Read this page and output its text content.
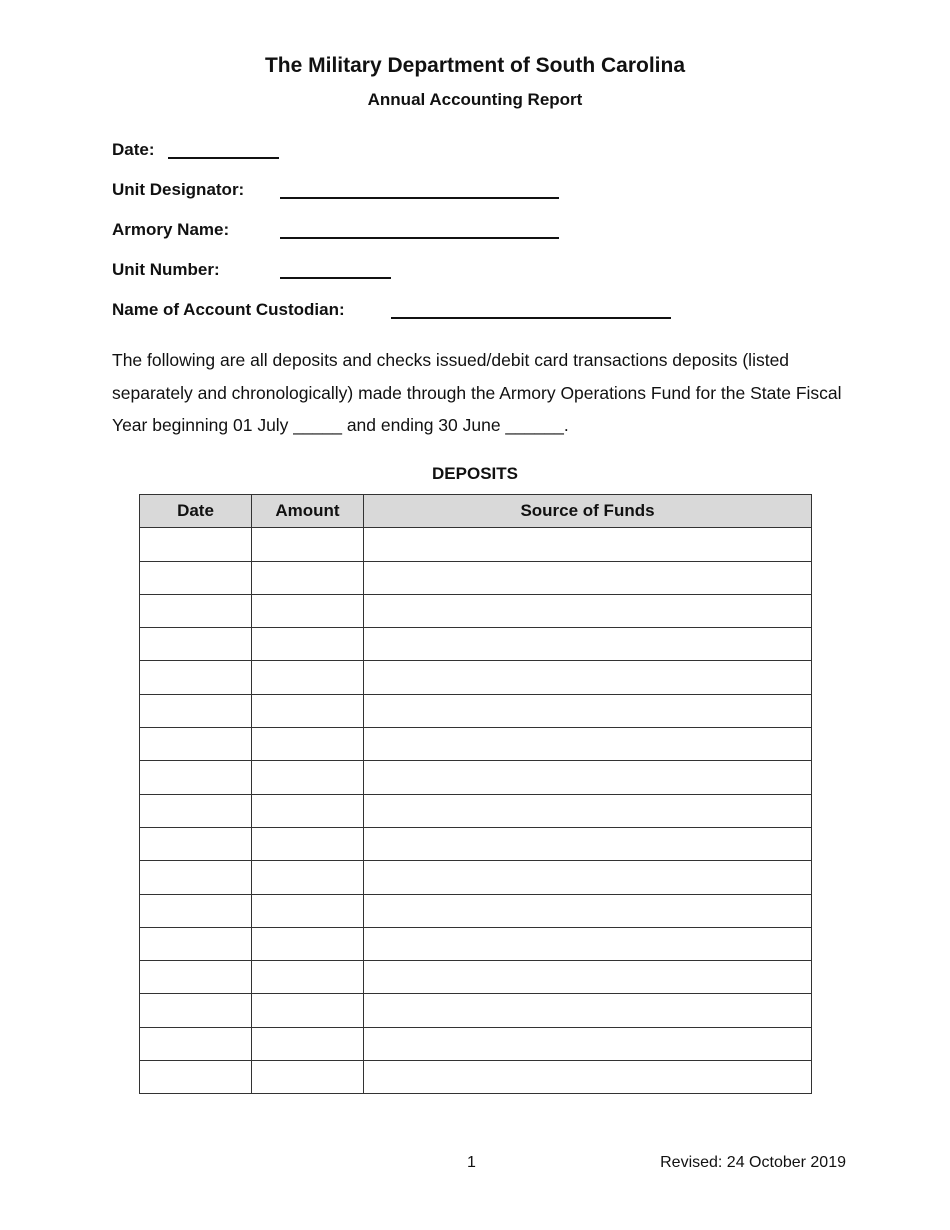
The Military Department of South Carolina
Annual Accounting Report
Date:
Unit Designator:
Armory Name:
Unit Number:
Name of Account Custodian:

The following are all deposits and checks issued/debit card transactions deposits (listed separately and chronologically) made through the Armory Operations Fund for the State Fiscal Year beginning 01 July _____ and ending 30 June ______.

DEPOSITS
Date	Amount	Source of Funds

1	Revised: 24 October 2019
